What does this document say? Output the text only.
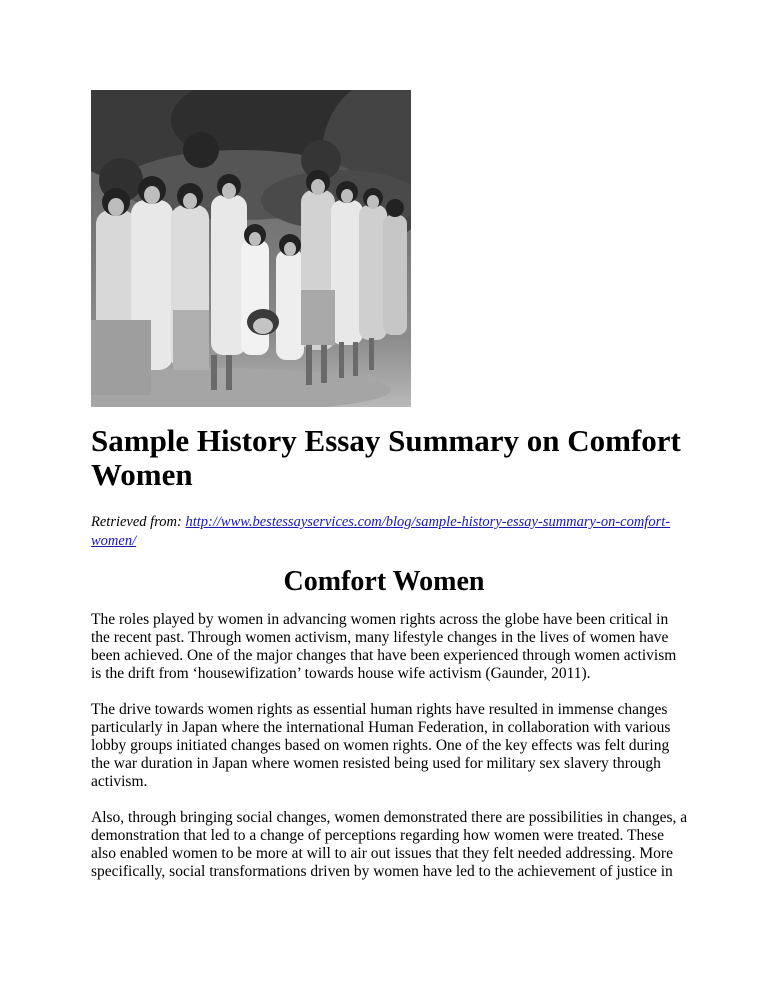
Sample History Essay Summary on Comfort Women

Retrieved from: http://www.bestessayservices.com/blog/sample-history-essay-summary-on-comfort-women/

Comfort Women

The roles played by women in advancing women rights across the globe have been critical in the recent past. Through women activism, many lifestyle changes in the lives of women have been achieved. One of the major changes that have been experienced through women activism is the drift from ‘housewifization’ towards house wife activism (Gaunder, 2011).

The drive towards women rights as essential human rights have resulted in immense changes particularly in Japan where the international Human Federation, in collaboration with various lobby groups initiated changes based on women rights. One of the key effects was felt during the war duration in Japan where women resisted being used for military sex slavery through activism.

Also, through bringing social changes, women demonstrated there are possibilities in changes, a demonstration that led to a change of perceptions regarding how women were treated. These also enabled women to be more at will to air out issues that they felt needed addressing. More specifically, social transformations driven by women have led to the achievement of justice in
